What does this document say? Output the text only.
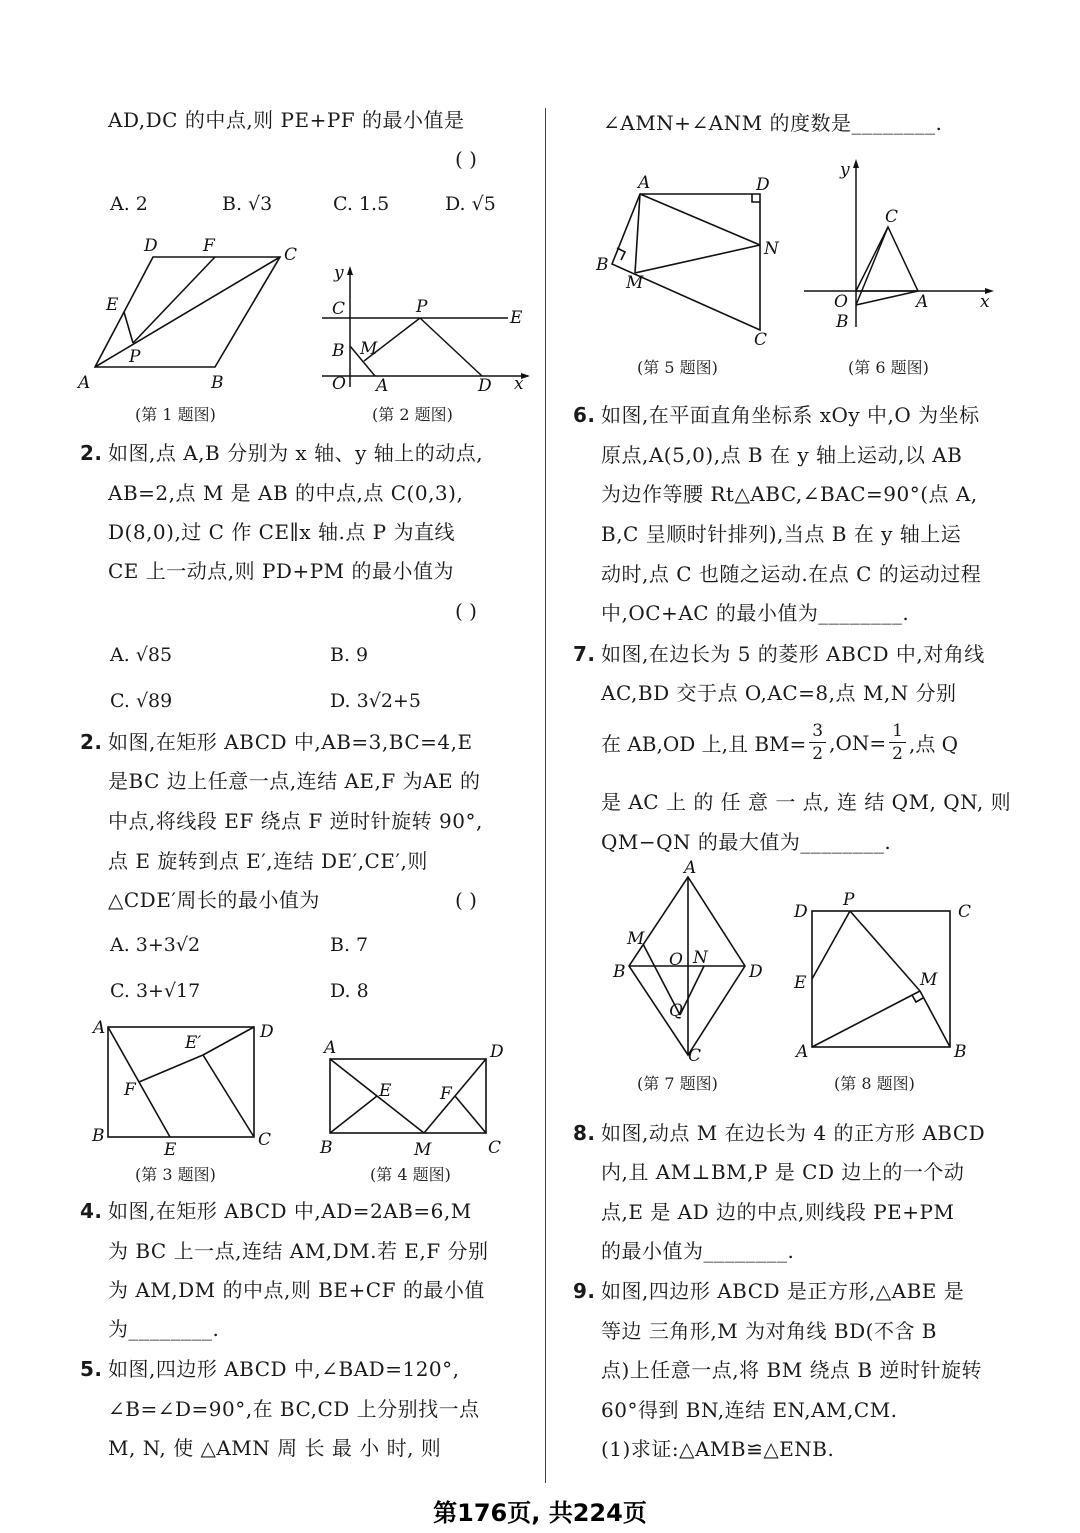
AD,DC 的中点,则 PE+PF 的最小值是
( )
A. 2	B. √3	C. 1.5	D. √5
D	F	C
E
P
A	B
(第 1 题图)
y
C	P
E
B M
O A	D x
(第 2 题图)
2. 如图,点 A,B 分别为 x 轴、y 轴上的动点,
AB=2,点 M 是 AB 的中点,点 C(0,3),
D(8,0),过 C 作 CE∥x 轴.点 P 为直线
CE 上一动点,则 PD+PM 的最小值为
( )
A. √85	B. 9
C. √89	D. 3√2+5
2. 如图,在矩形 ABCD 中,AB=3,BC=4,E
是BC 边上任意一点,连结 AE,F 为AE 的
中点,将线段 EF 绕点 F 逆时针旋转 90°,
点 E 旋转到点 E′,连结 DE′,CE′,则
△CDE′周长的最小值为	( )
A. 3+3√2	B. 7
C. 3+√17	D. 8
A
E′
D
F
B
E	C
(第 3 题图)
A	D
E	F
B	M	C
(第 4 题图)
4. 如图,在矩形 ABCD 中,AD=2AB=6,M
为 BC 上一点,连结 AM,DM.若 E,F 分别
为 AM,DM 的中点,则 BE+CF 的最小值
为________.
5. 如图,四边形 ABCD 中,∠BAD=120°,
∠B=∠D=90°,在 BC,CD 上分别找一点
M, N, 使 △AMN 周 长 最 小 时, 则
∠AMN+∠ANM 的度数是________.
A	D
N
B
M
C
(第 5 题图)
y
C
O	A	x
B
(第 6 题图)
6. 如图,在平面直角坐标系 xOy 中,O 为坐标
原点,A(5,0),点 B 在 y 轴上运动,以 AB
为边作等腰 Rt△ABC,∠BAC=90°(点 A,
B,C 呈顺时针排列),当点 B 在 y 轴上运
动时,点 C 也随之运动.在点 C 的运动过程
中,OC+AC 的最小值为________.
7. 如图,在边长为 5 的菱形 ABCD 中,对角线
AC,BD 交于点 O,AC=8,点 M,N 分别
在 AB,OD 上,且 $BM= \frac{3}{2} ,ON= \frac{1}{2}$ ,点 Q
是 AC 上 的 任 意 一 点, 连 结 QM, QN, 则
QM−QN 的最大值为________.
A
M
O N
B	D
Q
C
(第 7 题图)
D
P
C
E	M
A	B
(第 8 题图)
8. 如图,动点 M 在边长为 4 的正方形 ABCD
内,且 AM⊥BM,P 是 CD 边上的一个动
点,E 是 AD 边的中点,则线段 PE+PM
的最小值为________.
9. 如图,四边形 ABCD 是正方形,△ABE 是
等边 三角形,M 为对角线 BD(不含 B
点)上任意一点,将 BM 绕点 B 逆时针旋转
60°得到 BN,连结 EN,AM,CM.
(1)求证:△AMB≌△ENB.
第176页, 共224页
